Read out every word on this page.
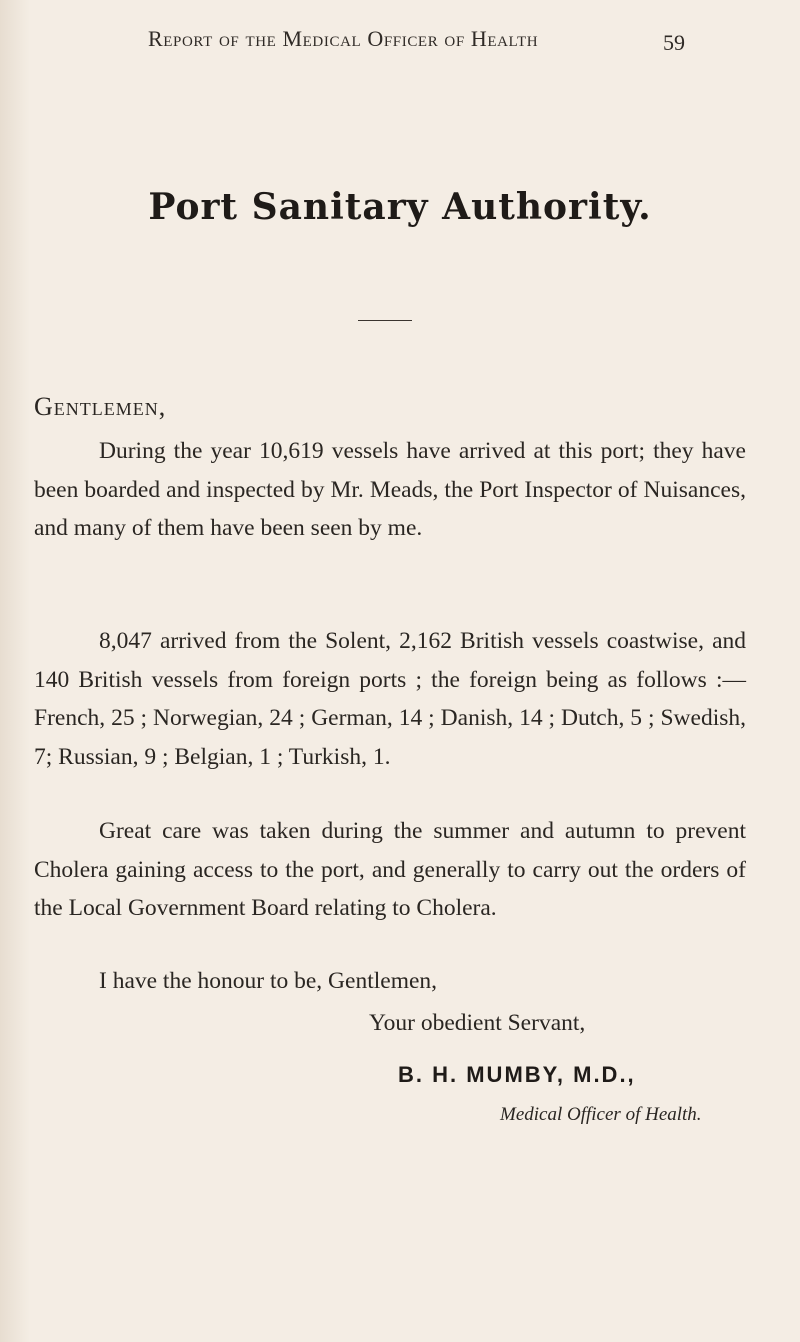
Report of the Medical Officer of Health	59
Port Sanitary Authority.
Gentlemen,

During the year 10,619 vessels have arrived at this port; they have been boarded and inspected by Mr. Meads, the Port Inspector of Nuisances, and many of them have been seen by me.

8,047 arrived from the Solent, 2,162 British vessels coastwise, and 140 British vessels from foreign ports ; the foreign being as follows :—French, 25 ; Norwegian, 24 ; German, 14 ; Danish, 14 ; Dutch, 5 ; Swedish, 7; Russian, 9 ; Belgian, 1 ; Turkish, 1.

Great care was taken during the summer and autumn to prevent Cholera gaining access to the port, and generally to carry out the orders of the Local Government Board relating to Cholera.

I have the honour to be, Gentlemen,

Your obedient Servant,
B. H. MUMBY, M.D.,
Medical Officer of Health.
